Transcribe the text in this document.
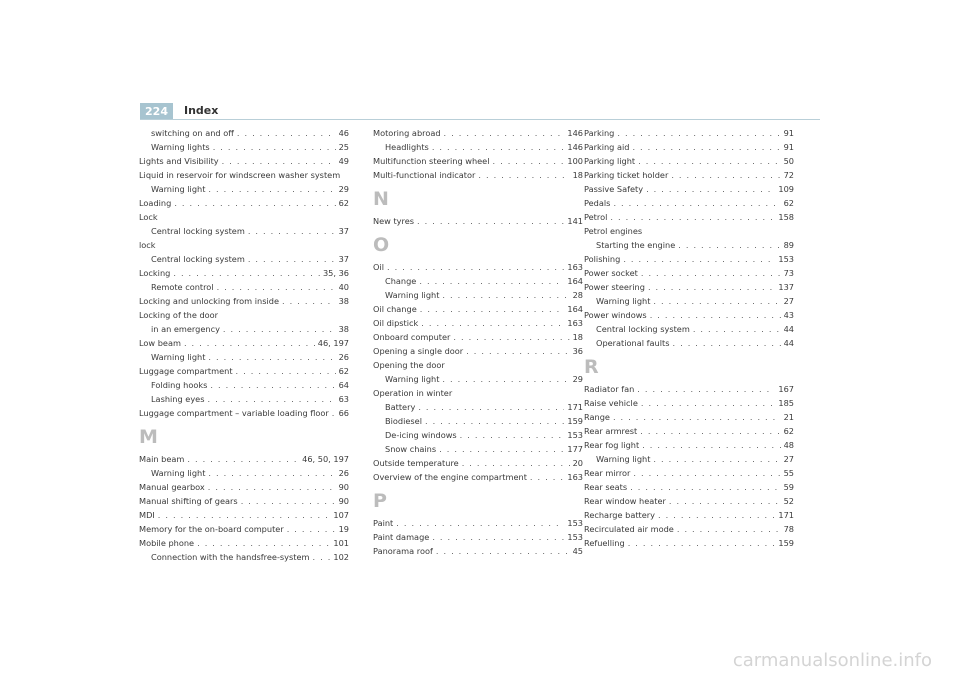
224	Index
switching on and off . . .	46
Warning lights . . .	25
Lights and Visibility . . .	49
Liquid in reservoir for windscreen washer system
Warning light . . .	29
Loading . . .	62
Lock
Central locking system . . .	37
lock
Central locking system . . .	37
Locking . . .	35, 36
Remote control . . .	40
Locking and unlocking from inside . . .	38
Locking of the door
in an emergency . . .	38
Low beam . . .	46, 197
Warning light . . .	26
Luggage compartment . . .	62
Folding hooks . . .	64
Lashing eyes . . .	63
Luggage compartment – variable loading floor . . . 66
M
Main beam . . .	46, 50, 197
Warning light . . .	26
Manual gearbox . . .	90
Manual shifting of gears . . .	90
MDI . . .	107
Memory for the on-board computer . . .	19
Mobile phone . . .	101
Connection with the handsfree-system . . .	102
Motoring abroad . . .	146
Headlights . . .	146
Multifunction steering wheel . . .	100
Multi-functional indicator . . .	18
N
New tyres . . .	141
O
Oil . . .	163
Change . . .	164
Warning light . . .	28
Oil change . . .	164
Oil dipstick . . .	163
Onboard computer . . .	18
Opening a single door . . .	36
Opening the door
Warning light . . .	29
Operation in winter
Battery . . .	171
Biodiesel . . .	159
De-icing windows . . .	153
Snow chains . . .	177
Outside temperature . . .	20
Overview of the engine compartment . . .	163
P
Paint . . .	153
Paint damage . . .	153
Panorama roof . . .	45
Parking . . .	91
Parking aid . . .	91
Parking light . . .	50
Parking ticket holder . . .	72
Passive Safety . . .	109
Pedals . . .	62
Petrol . . .	158
Petrol engines
Starting the engine . . .	89
Polishing . . .	153
Power socket . . .	73
Power steering . . .	137
Warning light . . .	27
Power windows . . .	43
Central locking system . . .	44
Operational faults . . .	44
R
Radiator fan . . .	167
Raise vehicle . . .	185
Range . . .	21
Rear armrest . . .	62
Rear fog light . . .	48
Warning light . . .	27
Rear mirror . . .	55
Rear seats . . .	59
Rear window heater . . .	52
Recharge battery . . .	171
Recirculated air mode . . .	78
Refuelling . . .	159
carmanualsonline.info
